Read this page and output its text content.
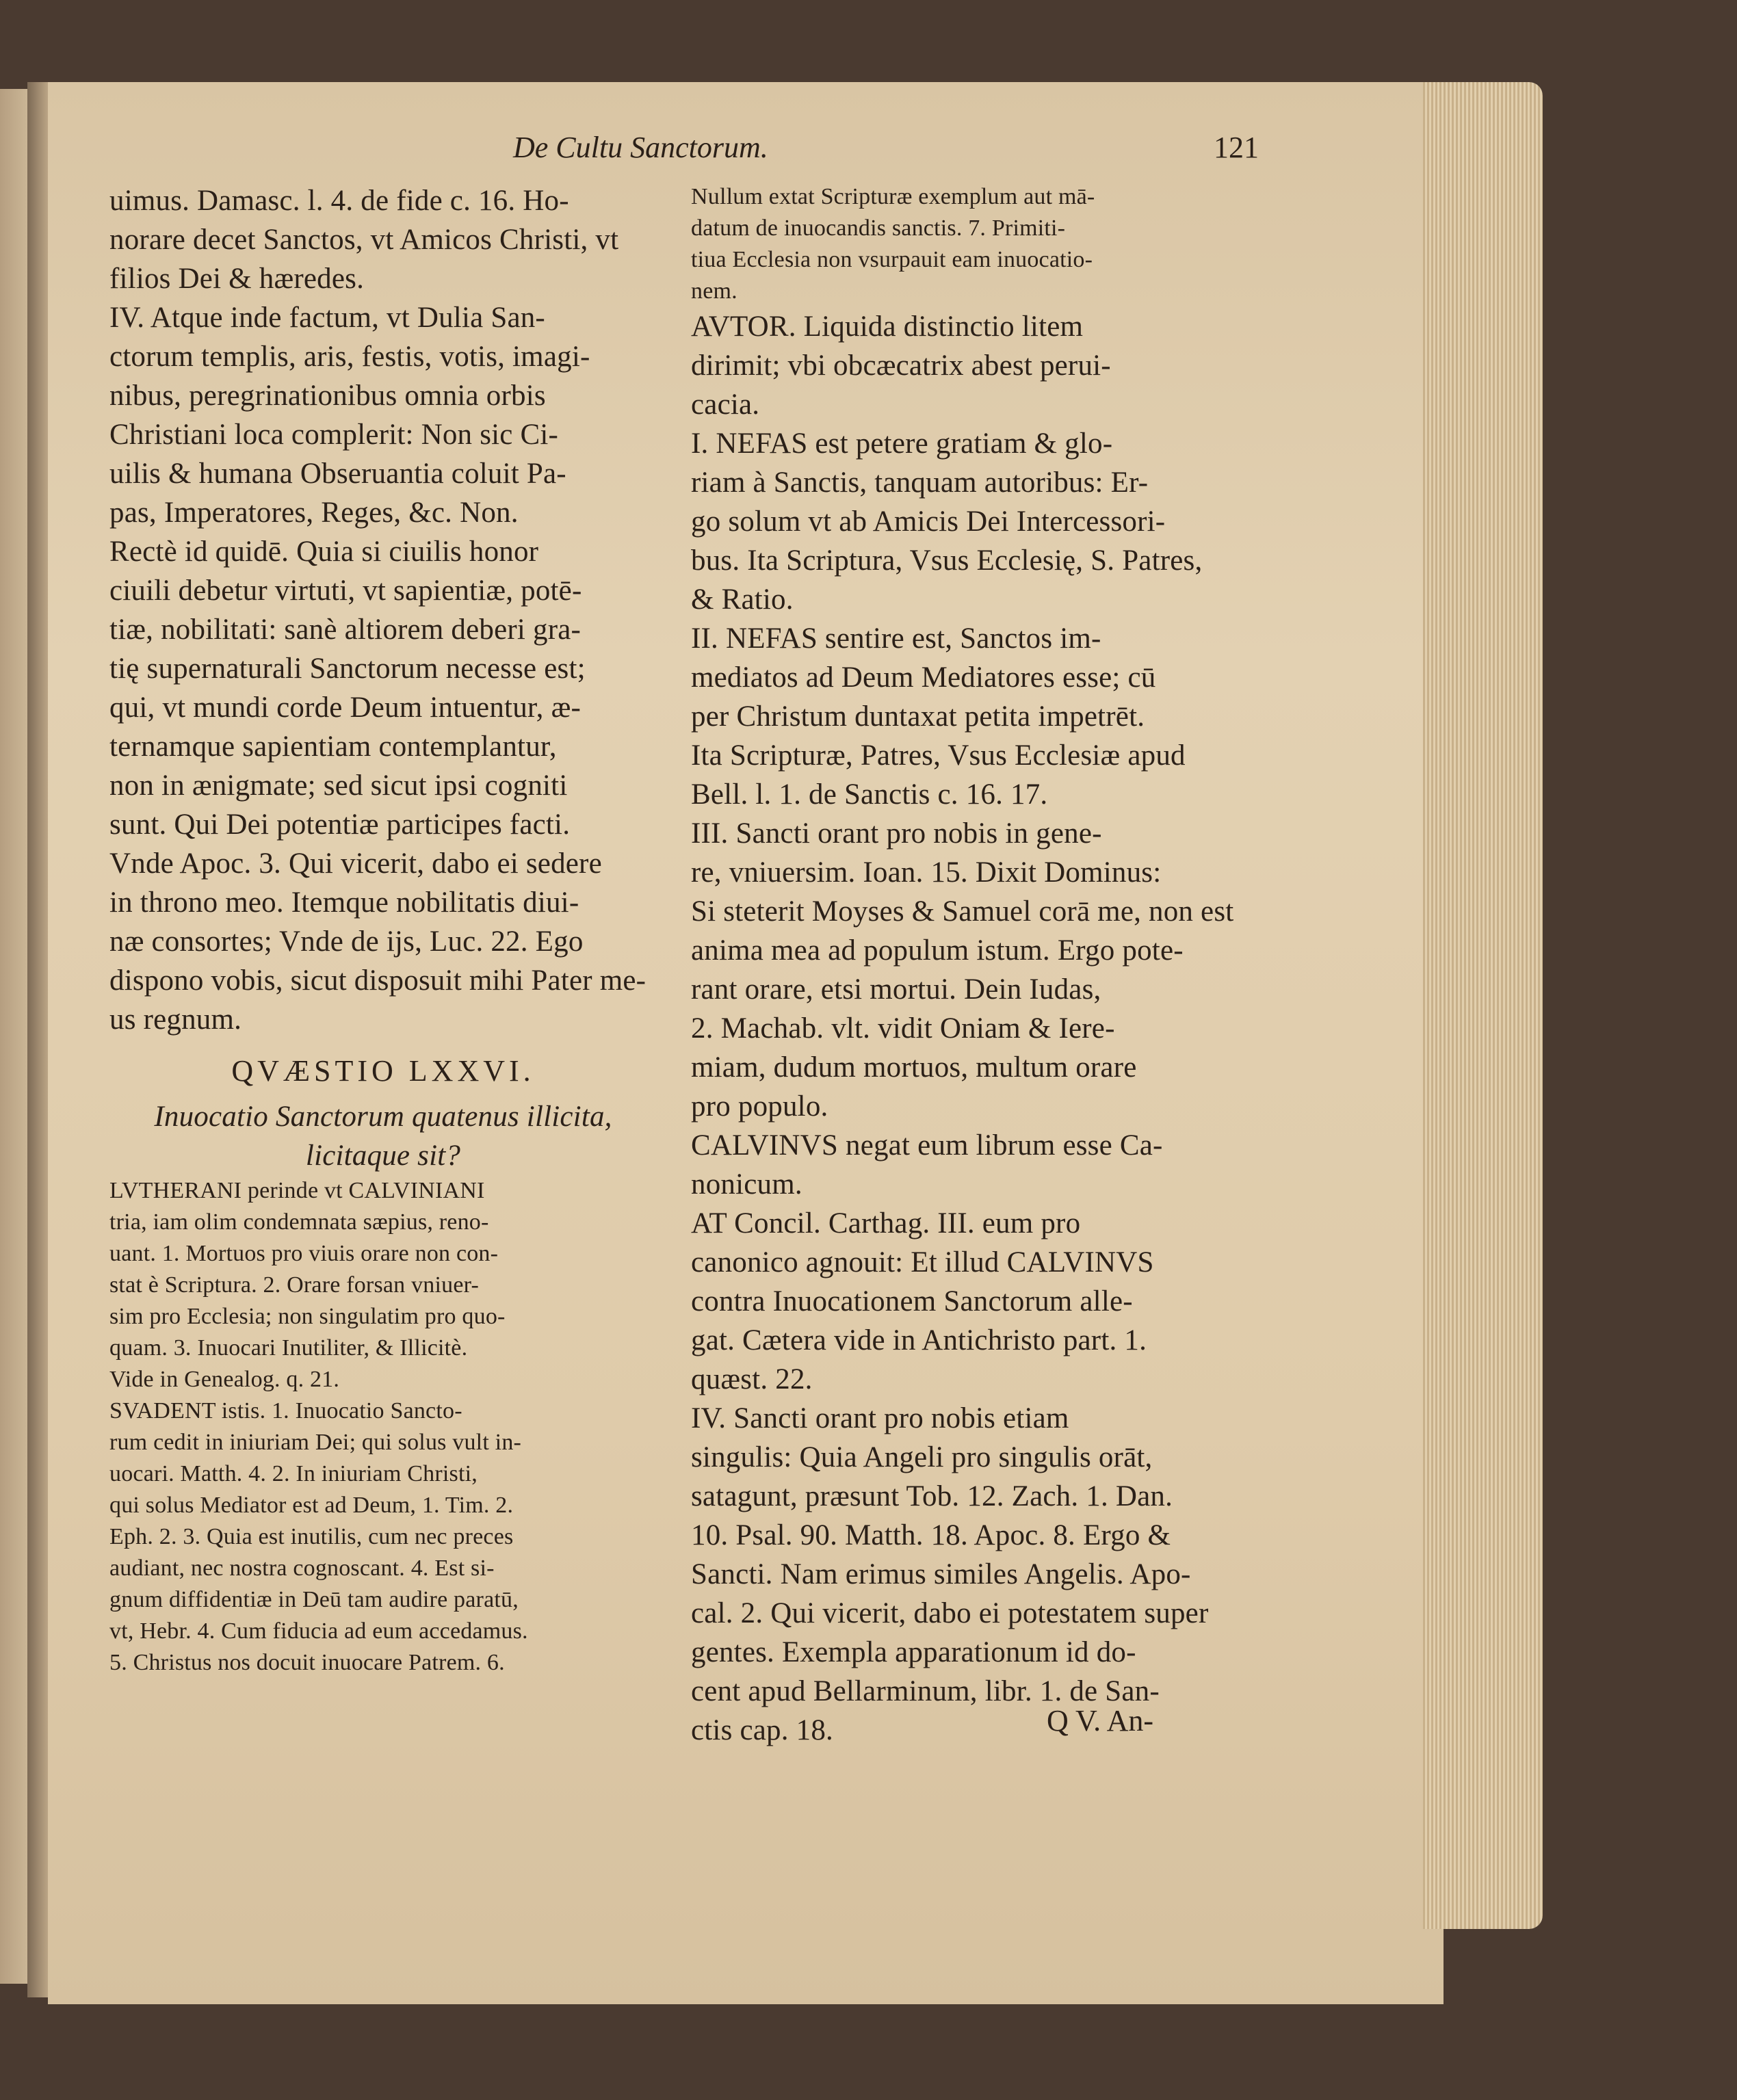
De Cultu Sanctorum.	121
uimus. Damasc. l. 4. de fide c. 16. Ho-
norare decet Sanctos, vt Amicos Christi, vt
filios Dei & hæredes.
IV. Atque inde factum, vt Dulia San-
ctorum templis, aris, festis, votis, imagi-
nibus, peregrinationibus omnia orbis
Christiani loca complerit: Non sic Ci-
uilis & humana Obseruantia coluit Pa-
pas, Imperatores, Reges, &c. Non.
Rectè id quidē. Quia si ciuilis honor
ciuili debetur virtuti, vt sapientiæ, potē-
tiæ, nobilitati: sanè altiorem deberi gra-
tię supernaturali Sanctorum necesse est;
qui, vt mundi corde Deum intuentur, æ-
ternamque sapientiam contemplantur,
non in ænigmate; sed sicut ipsi cogniti
sunt. Qui Dei potentiæ participes facti.
Vnde Apoc. 3. Qui vicerit, dabo ei sedere
in throno meo. Itemque nobilitatis diui-
næ consortes; Vnde de ijs, Luc. 22. Ego
dispono vobis, sicut disposuit mihi Pater me-
us regnum.
QVÆSTIO LXXVI.
Inuocatio Sanctorum quatenus illicita,
licitaque sit?
LVTHERANI perinde vt CALVINIANI
tria, iam olim condemnata sæpius, reno-
uant. 1. Mortuos pro viuis orare non con-
stat è Scriptura. 2. Orare forsan vniuer-
sim pro Ecclesia; non singulatim pro quo-
quam. 3. Inuocari Inutiliter, & Illicitè.
Vide in Genealog. q. 21.
SVADENT istis. 1. Inuocatio Sancto-
rum cedit in iniuriam Dei; qui solus vult in-
uocari. Matth. 4. 2. In iniuriam Christi,
qui solus Mediator est ad Deum, 1. Tim. 2.
Eph. 2. 3. Quia est inutilis, cum nec preces
audiant, nec nostra cognoscant. 4. Est si-
gnum diffidentiæ in Deū tam audire paratū,
vt, Hebr. 4. Cum fiducia ad eum accedamus.
5. Christus nos docuit inuocare Patrem. 6.
Nullum extat Scripturæ exemplum aut mā-
datum de inuocandis sanctis. 7. Primiti-
tiua Ecclesia non vsurpauit eam inuocatio-
nem.
AVTOR. Liquida distinctio litem
dirimit; vbi obcæcatrix abest perui-
cacia.
I. NEFAS est petere gratiam & glo-
riam à Sanctis, tanquam autoribus: Er-
go solum vt ab Amicis Dei Intercessori-
bus. Ita Scriptura, Vsus Ecclesię, S. Patres,
& Ratio.
II. NEFAS sentire est, Sanctos im-
mediatos ad Deum Mediatores esse; cū
per Christum duntaxat petita impetrēt.
Ita Scripturæ, Patres, Vsus Ecclesiæ apud
Bell. l. 1. de Sanctis c. 16. 17.
III. Sancti orant pro nobis in gene-
re, vniuersim. Ioan. 15. Dixit Dominus:
Si steterit Moyses & Samuel corā me, non est
anima mea ad populum istum. Ergo pote-
rant orare, etsi mortui. Dein Iudas,
2. Machab. vlt. vidit Oniam & Iere-
miam, dudum mortuos, multum orare
pro populo.
CALVINVS negat eum librum esse Ca-
nonicum.
AT Concil. Carthag. III. eum pro
canonico agnouit: Et illud CALVINVS
contra Inuocationem Sanctorum alle-
gat. Cætera vide in Antichristo part. 1.
quæst. 22.
IV. Sancti orant pro nobis etiam
singulis: Quia Angeli pro singulis orāt,
satagunt, præsunt Tob. 12. Zach. 1. Dan.
10. Psal. 90. Matth. 18. Apoc. 8. Ergo &
Sancti. Nam erimus similes Angelis. Apo-
cal. 2. Qui vicerit, dabo ei potestatem super
gentes. Exempla apparationum id do-
cent apud Bellarminum, libr. 1. de San-
ctis cap. 18.	Q V. An-
